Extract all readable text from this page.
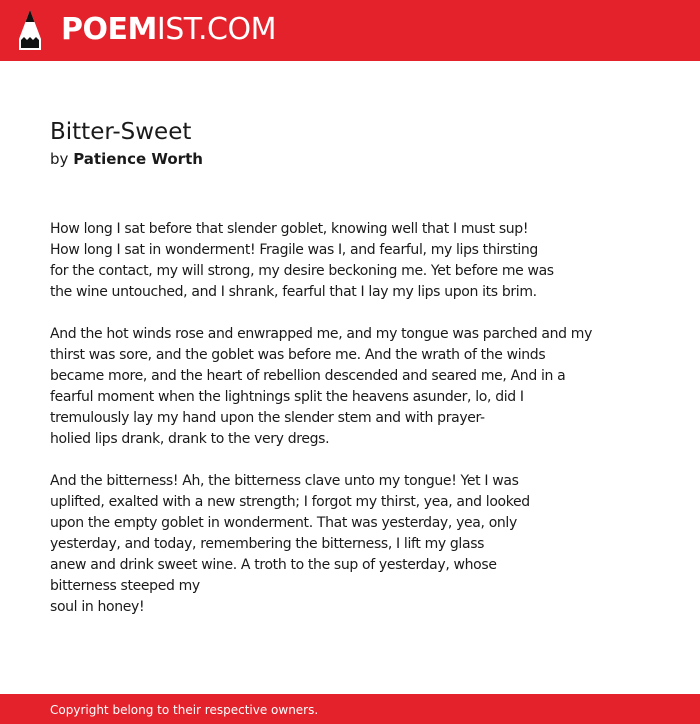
POEMIST.COM
Bitter-Sweet
by Patience Worth

How long I sat before that slender goblet, knowing well that I must sup!
How long I sat in wonderment! Fragile was I, and fearful, my lips thirsting
for the contact, my will strong, my desire beckoning me. Yet before me was
the wine untouched, and I shrank, fearful that I lay my lips upon its brim.

And the hot winds rose and enwrapped me, and my tongue was parched and my
thirst was sore, and the goblet was before me. And the wrath of the winds
became more, and the heart of rebellion descended and seared me, And in a
fearful moment when the lightnings split the heavens asunder, lo, did I
tremulously lay my hand upon the slender stem and with prayer-
holied lips drank, drank to the very dregs.

And the bitterness! Ah, the bitterness clave unto my tongue! Yet I was
uplifted, exalted with a new strength; I forgot my thirst, yea, and looked
upon the empty goblet in wonderment. That was yesterday, yea, only
yesterday, and today, remembering the bitterness, I lift my glass
anew and drink sweet wine. A troth to the sup of yesterday, whose
bitterness steeped my
soul in honey!

Copyright belong to their respective owners.
